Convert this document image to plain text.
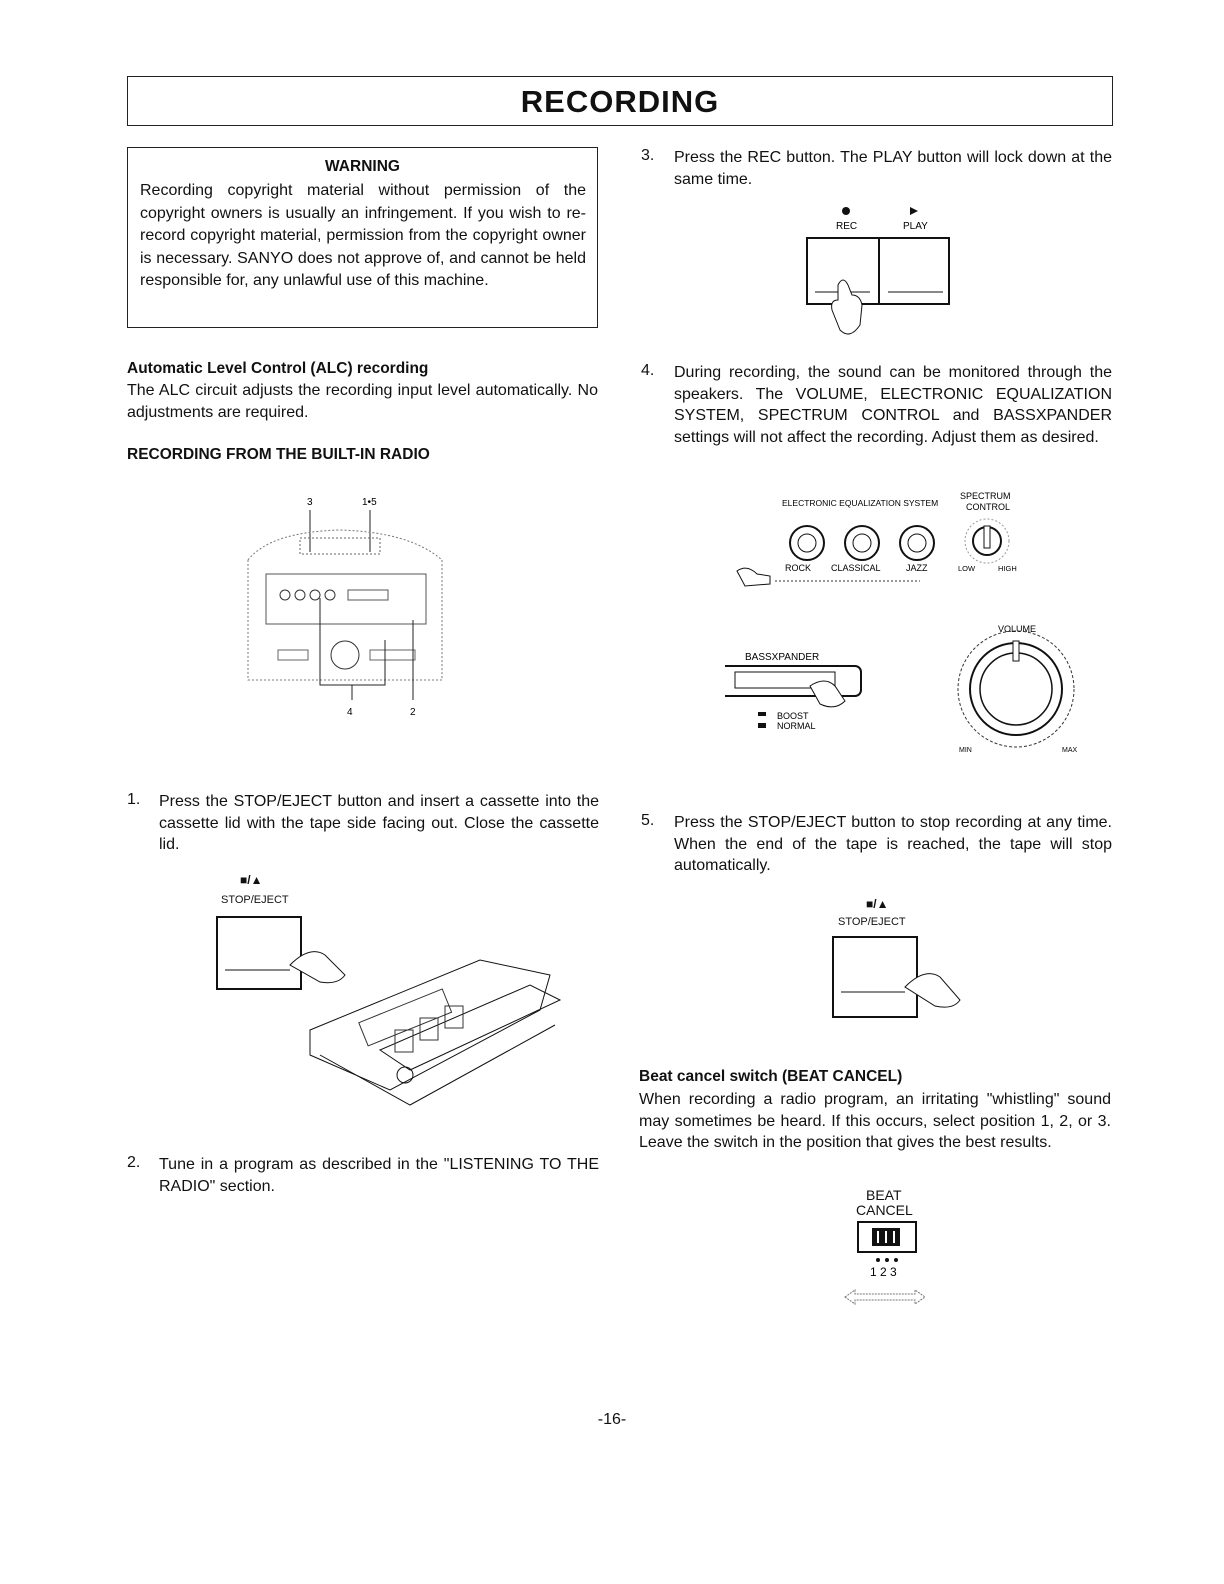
RECORDING
WARNING
Recording copyright material without permission of the copyright owners is usually an infringement. If you wish to re-record copyright material, permission from the copyright owner is necessary. SANYO does not approve of, and cannot be held responsible for, any unlawful use of this machine.
Automatic Level Control (ALC) recording
The ALC circuit adjusts the recording input level automatically. No adjustments are required.
RECORDING FROM THE BUILT-IN RADIO
3	1•5
4	2
1. Press the STOP/EJECT button and insert a cassette into the cassette lid with the tape side facing out. Close the cassette lid.
■/▲
STOP/EJECT
2. Tune in a program as described in the "LISTENING TO THE RADIO" section.
3. Press the REC button. The PLAY button will lock down at the same time.
REC	PLAY
4. During recording, the sound can be monitored through the speakers. The VOLUME, ELECTRONIC EQUALIZATION SYSTEM, SPECTRUM CONTROL and BASSXPANDER settings will not affect the recording. Adjust them as desired.
ELECTRONIC EQUALIZATION SYSTEM
SPECTRUM
CONTROL
ROCK CLASSICAL	JAZZ	LOW	HIGH
BASSXPANDER
BOOST
NORMAL
VOLUME
MIN	MAX
5. Press the STOP/EJECT button to stop recording at any time. When the end of the tape is reached, the tape will stop automatically.
■/▲
STOP/EJECT
Beat cancel switch (BEAT CANCEL)
When recording a radio program, an irritating "whistling" sound may sometimes be heard. If this occurs, select position 1, 2, or 3. Leave the switch in the position that gives the best results.
BEAT
CANCEL
1 2 3
-16-
